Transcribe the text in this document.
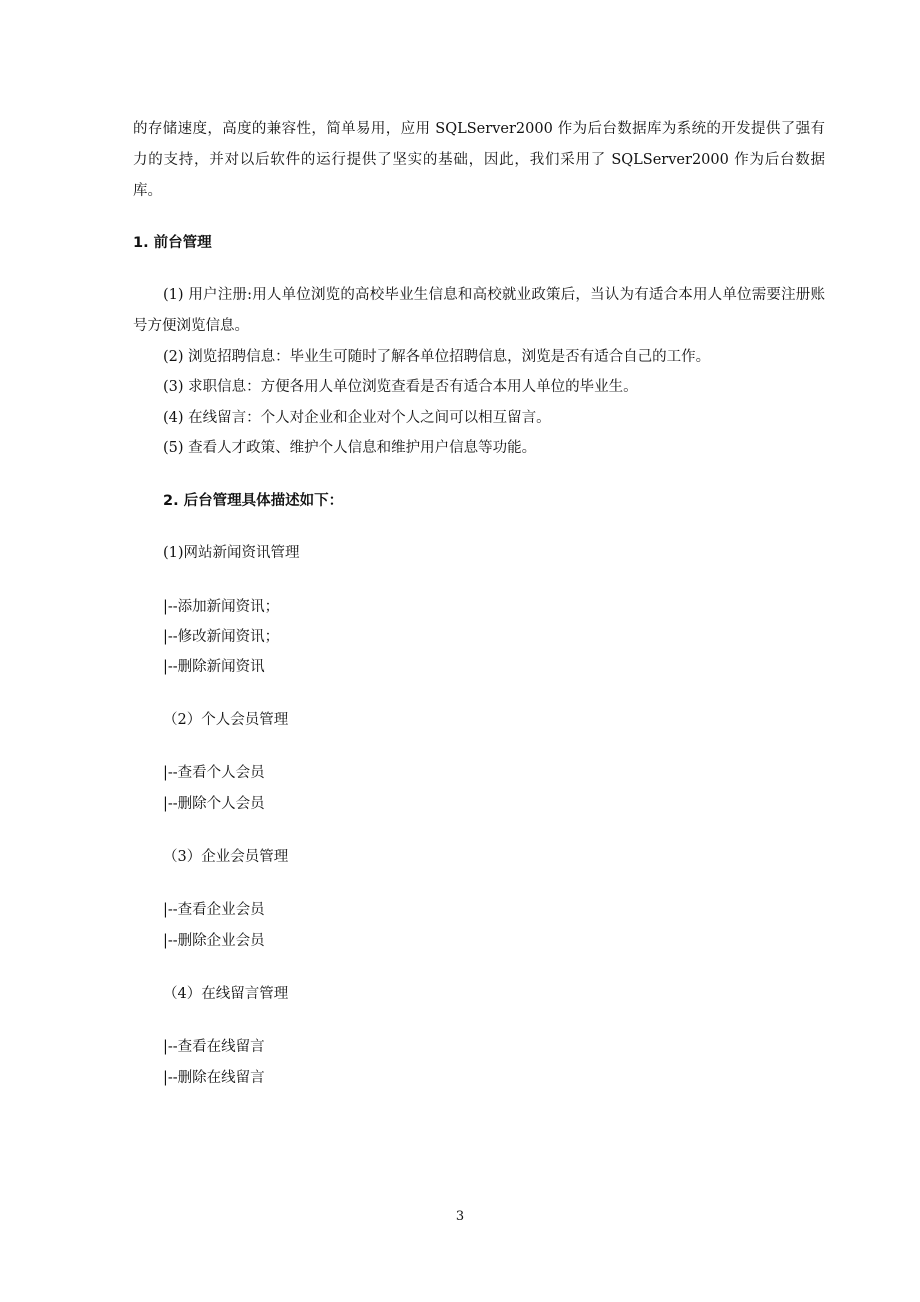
的存储速度，高度的兼容性，简单易用，应用 SQLServer2000 作为后台数据库为系统的开发提供了强有力的支持，并对以后软件的运行提供了坚实的基础，因此，我们采用了 SQLServer2000 作为后台数据库。

1. 前台管理

(1) 用户注册:用人单位浏览的高校毕业生信息和高校就业政策后，当认为有适合本用人单位需要注册账号方便浏览信息。

(2) 浏览招聘信息：毕业生可随时了解各单位招聘信息，浏览是否有适合自己的工作。

(3) 求职信息：方便各用人单位浏览查看是否有适合本用人单位的毕业生。

(4) 在线留言：个人对企业和企业对个人之间可以相互留言。

(5) 查看人才政策、维护个人信息和维护用户信息等功能。

2. 后台管理具体描述如下：

(1)网站新闻资讯管理

|--添加新闻资讯；

|--修改新闻资讯；

|--删除新闻资讯

（2）个人会员管理

|--查看个人会员

|--删除个人会员

（3）企业会员管理

|--查看企业会员

|--删除企业会员

（4）在线留言管理

|--查看在线留言

|--删除在线留言

3
